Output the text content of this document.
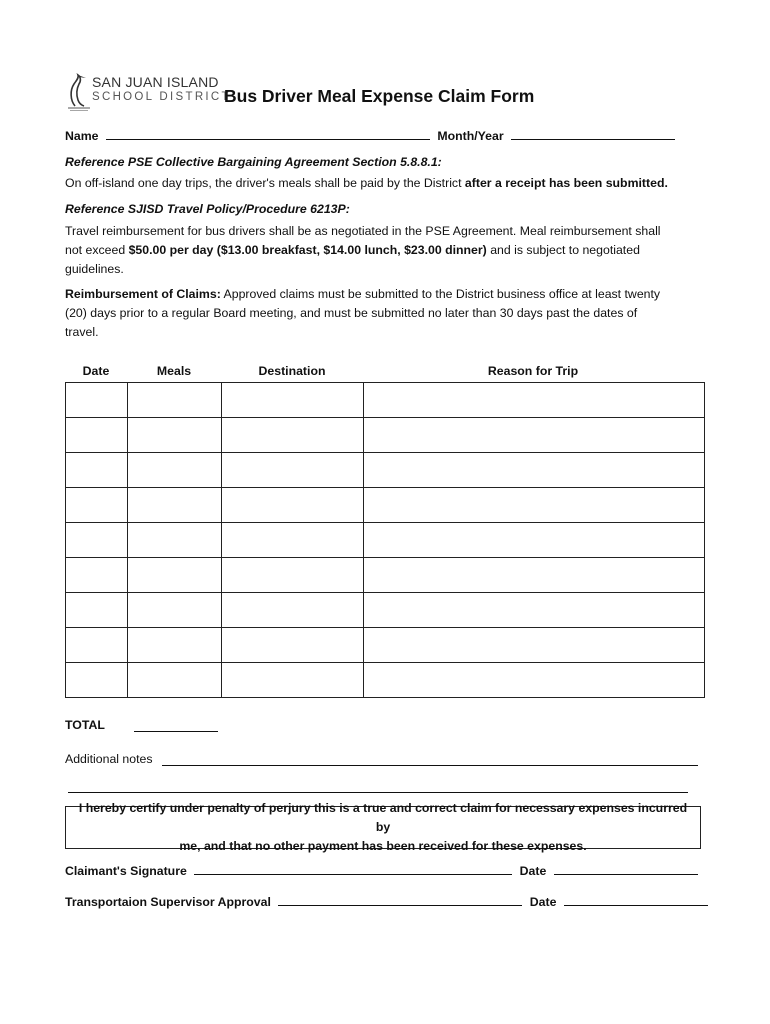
SAN JUAN ISLAND
SCHOOL DISTRICT
Bus Driver Meal Expense Claim Form
Name	Month/Year
Reference PSE Collective Bargaining Agreement Section 5.8.8.1:
On off-island one day trips, the driver's meals shall be paid by the District after a receipt has been submitted.
Reference SJISD Travel Policy/Procedure 6213P:
Travel reimbursement for bus drivers shall be as negotiated in the PSE Agreement. Meal reimbursement shall
not exceed $50.00 per day ($13.00 breakfast, $14.00 lunch, $23.00 dinner) and is subject to negotiated
guidelines.
Reimbursement of Claims: Approved claims must be submitted to the District business office at least twenty
(20) days prior to a regular Board meeting, and must be submitted no later than 30 days past the dates of
travel.
Date	Meals	Destination	Reason for Trip

TOTAL
Additional notes
I hereby certify under penalty of perjury this is a true and correct claim for necessary expenses incurred by
me, and that no other payment has been received for these expenses.
Claimant's Signature	Date
Transportaion Supervisor Approval	Date
